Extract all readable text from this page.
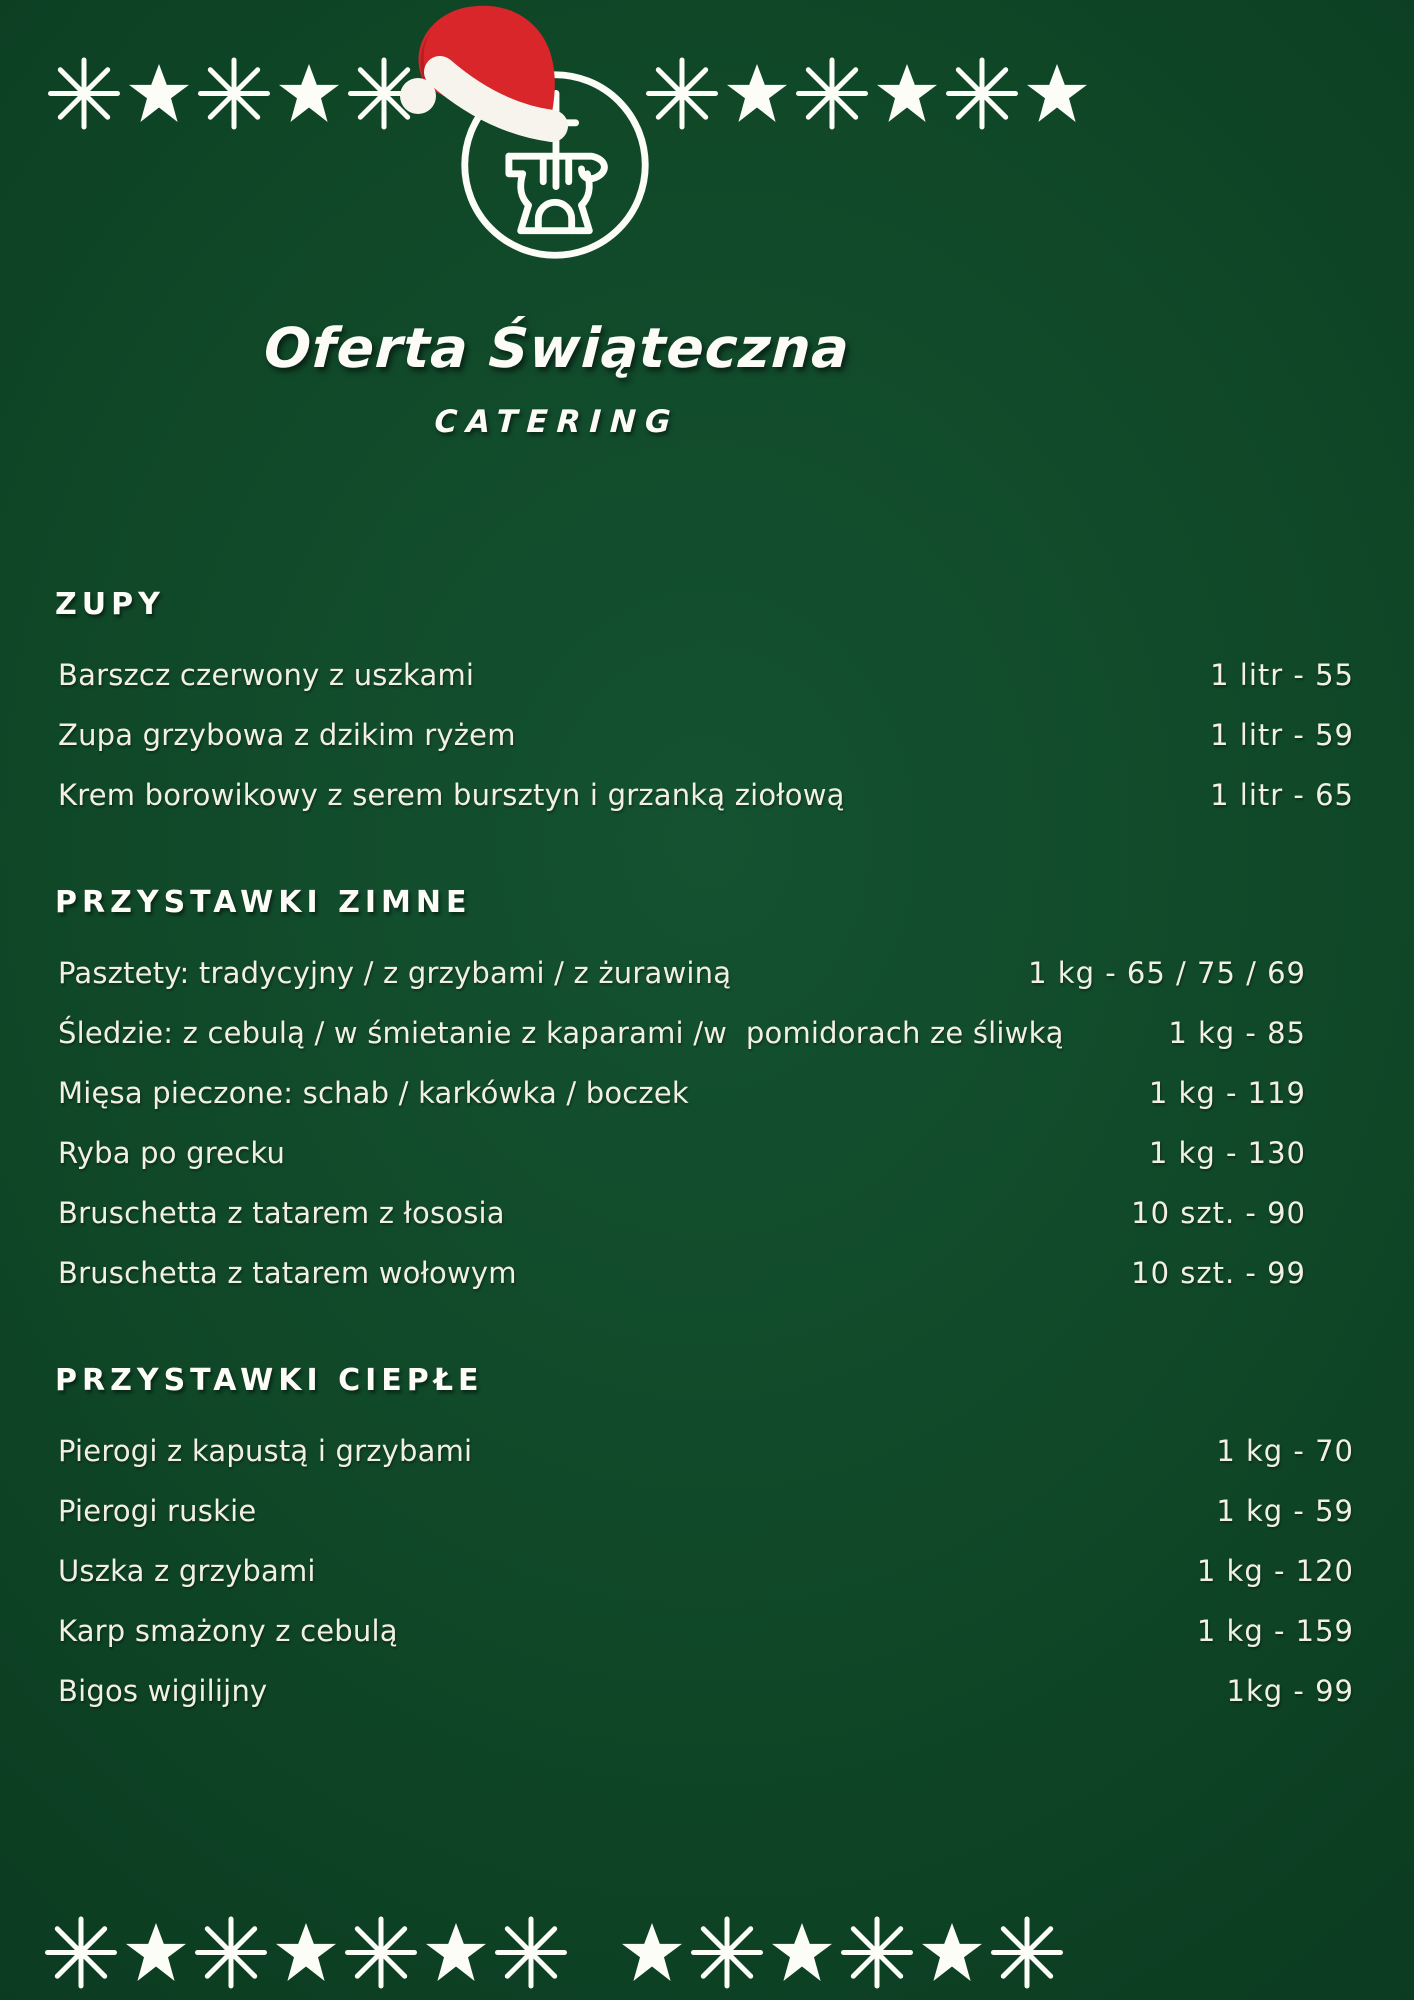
Oferta Świąteczna
CATERING
ZUPY
Barszcz czerwony z uszkami	1 litr - 55
Zupa grzybowa z dzikim ryżem	1 litr - 59
Krem borowikowy z serem bursztyn i grzanką ziołową	1 litr - 65
PRZYSTAWKI ZIMNE
Pasztety: tradycyjny / z grzybami / z żurawiną	1 kg - 65 / 75 / 69
Śledzie: z cebulą / w śmietanie z kaparami /w  pomidorach ze śliwką	1 kg - 85
Mięsa pieczone: schab / karkówka / boczek	1 kg - 119
Ryba po grecku	1 kg - 130
Bruschetta z tatarem z łososia	10 szt. - 90
Bruschetta z tatarem wołowym	10 szt. - 99
PRZYSTAWKI CIEPŁE
Pierogi z kapustą i grzybami	1 kg - 70
Pierogi ruskie	1 kg - 59
Uszka z grzybami	1 kg - 120
Karp smażony z cebulą	1 kg - 159
Bigos wigilijny	1kg - 99
